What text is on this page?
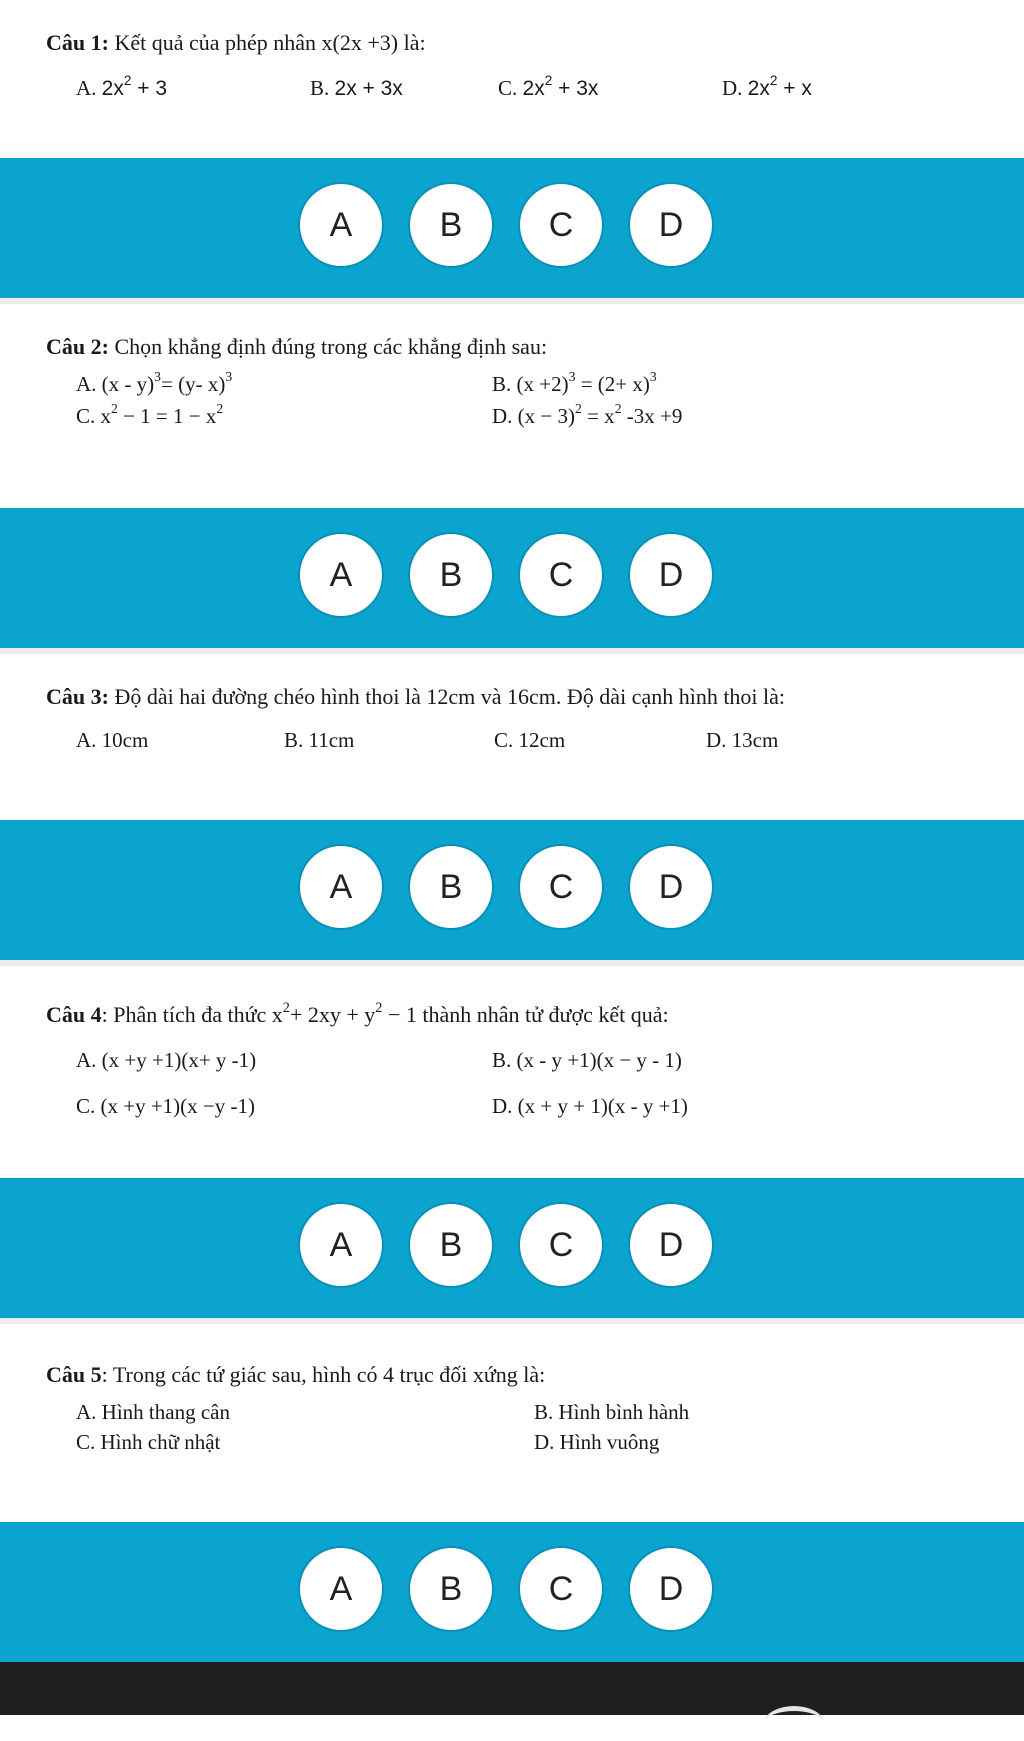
Câu 1: Kết quả của phép nhân x(2x +3) là:
A. $2x^2 + 3$	B. 2x + 3x	C. $2x^2 + 3x$	D. $2x^2 + x$
A	B	C	D
Câu 2: Chọn khẳng định đúng trong các khẳng định sau:
A. (x - y)$^3$= (y- x)$^3$	B. $(x +2)^3 = (2+ x)^3$
C. $x^2 - 1 = 1 - x^2$	D. $(x - 3)^2 = x^2$ -3x +9
A	B	C	D
Câu 3: Độ dài hai đường chéo hình thoi là 12cm và 16cm. Độ dài cạnh hình thoi là:
A. 10cm	B. 11cm	C. 12cm	D. 13cm
A	B	C	D
Câu 4: Phân tích đa thức $x^2+ 2xy + y^2 - 1$ thành nhân tử được kết quả:
A. (x +y +1)(x+ y -1)	B. (x - y +1)(x − y - 1)
C. (x +y +1)(x −y -1)	D. (x + y + 1)(x - y +1)
A	B	C	D
Câu 5: Trong các tứ giác sau, hình có 4 trục đối xứng là:
A. Hình thang cân	B. Hình bình hành
C. Hình chữ nhật	D. Hình vuông
A	B	C	D
